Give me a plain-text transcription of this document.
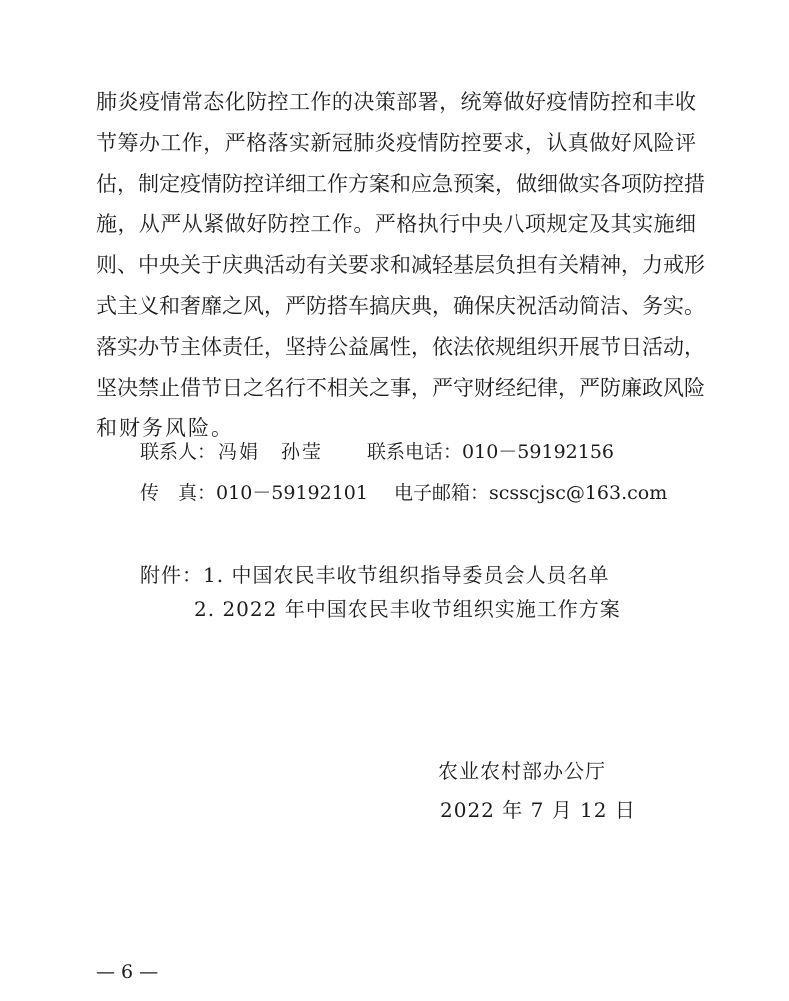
肺炎疫情常态化防控工作的决策部署，统筹做好疫情防控和丰收
节筹办工作，严格落实新冠肺炎疫情防控要求，认真做好风险评
估，制定疫情防控详细工作方案和应急预案，做细做实各项防控措
施，从严从紧做好防控工作。严格执行中央八项规定及其实施细
则、中央关于庆典活动有关要求和减轻基层负担有关精神，力戒形
式主义和奢靡之风，严防搭车搞庆典，确保庆祝活动简洁、务实。
落实办节主体责任，坚持公益属性，依法依规组织开展节日活动，
坚决禁止借节日之名行不相关之事，严守财经纪律，严防廉政风险
和财务风险。
联系人： 冯娟　孙莹 联系电话：010－59192156
传　真：010－59192101 电子邮箱：scsscjsc@163.com
附件：1. 中国农民丰收节组织指导委员会人员名单
2. 2022 年中国农民丰收节组织实施工作方案
农业农村部办公厅
2022 年 7 月 12 日
— 6 —
